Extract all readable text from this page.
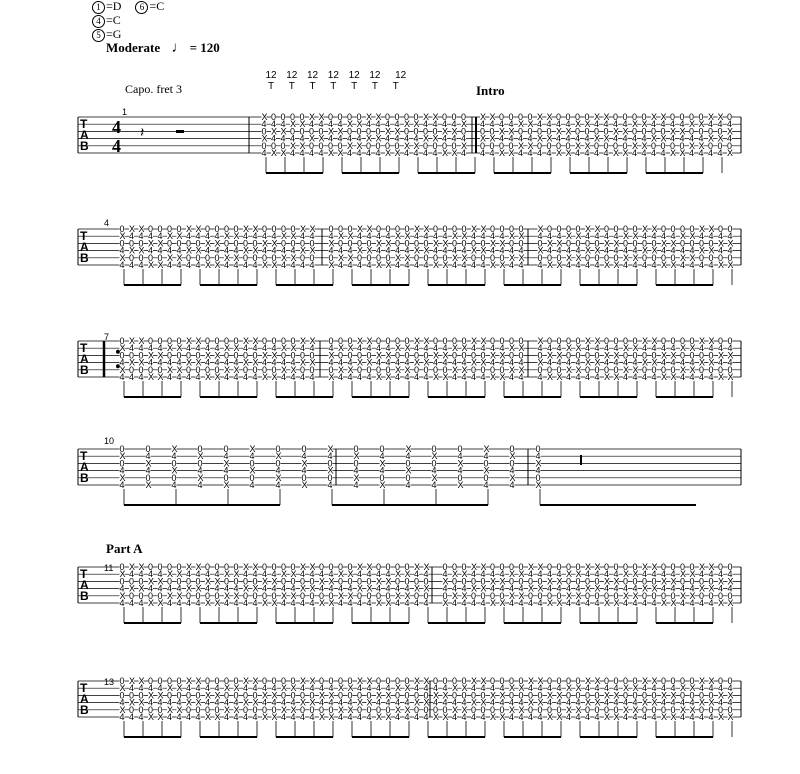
1 =D	6 =C
4 =C
5 =G
Moderate ♩ = 120
Capo. fret 3
12
T
12
T
12
T
12
T
12
T
12
T
12
T	Intro
Part A
1
4
7
10
11
13
T
A
B
X
4
0
X
0
4
0
4
X
4
0
X
0
4
X
4
0
X
0
X
0
4
X
4
0
X
0
4
X
4
X
4
0
X
0
4
X
4
0
X
0
4
0
4
X
4
0
X
0
4
X
4
0
X
0
X
0
4
X
4
0
X
0
4
X
4
X
4
0
X
0
4
X
4
0
X
0
4
0
4
X
4
0
X
0
4
X
4
0
X
0
X
0
4
X
4
0
X
0
4
X
4
X
4
0
X
0
4
X
4
0
X
0
4
0
4
X
4
0
X
0
4
X
4
0
X
0
X
0
4
X
4
X
4
0
X
0
4
X
4
0
X
0
4
0
4
X
4
0
X
0
4
X
4
0
X
0
X
0
4
X
4
0
X
0
4
X
4
X
4
0
X
0
4
X
4
0
X
0
4
0
4
X
4
0
X
0
4
X
4
0
X
0
X
0
4
X
4
0
X
0
4
X
4
X
4
0
X
0
4
X
4
0
X
0
4
0
4
X
4
0
X
0
4
X
4
0
X
0
X
0
4
X
4
0
X
0
4
X
4
X
4
0
X
0
4
X
4
0
X
0
4
0
4
X
4
0
X
0
4
X
4
0
X
0
X
0
4
X
4
0
X
0
4
X
4
X
4
0
X
0
4
X
4
0
X
0
4
0
4
X
4
0
X
T
A
B
0
X
0
4
X
4
X
4
0
X
0
4
X
4
0
X
0
4
0
4
X
4
0
X
0
4
X
4
0
X
0
X
0
4
X
4
0
X
0
4
X
4
X
4
0
X
0
4
X
4
0
X
0
4
0
4
X
4
0
X
0
4
X
4
0
X
0
X
0
4
X
4
0
X
0
4
X
4
X
4
0
X
0
4
X
4
0
X
0
4
0
4
X
4
0
X
0
4
X
4
0
X
0
X
0
4
X
4
0
X
0
4
X
4
X
4
0
X
0
4
X
4
0
X
0
4
0
4
X
4
0
X
0
X
0
4
X
4
0
X
0
4
X
4
X
4
0
X
0
4
X
4
0
X
0
4
0
4
X
4
0
X
0
4
X
4
0
X
0
X
0
4
X
4
0
X
0
4
X
4
X
4
0
X
0
4
X
4
0
X
0
4
0
4
X
4
0
X
0
4
X
4
0
X
0
X
0
4
X
4
0
X
0
4
X
4
X
4
0
X
0
4
X
4
0
X
0
4
0
4
X
4
0
X
0
4
X
4
0
X
0
X
0
4
X
4
0
X
0
4
X
4
X
4
0
X
0
4
0
4
X
4
0
X
0
4
X
4
0
X
0
X
0
4
X
4
0
X
0
4
X
4
X
4
0
X
0
4
X
4
0
X
0
4
0
4
X
4
0
X
0
4
X
4
0
X
0
X
0
4
X
4
0
X
0
4
X
4
X
4
0
X
0
4
X
4
0
X
0
4
0
4
X
4
0
X
0
4
X
4
0
X
0
X
0
4
X
4
0
X
0
4
X
4
X
4
0
X
0
4
X
4
0
X
0
4
0
4
X
4
0
X
0
4
X
4
0
X
T
A
B
0
X
0
4
X
4
X
4
0
X
0
4
X
4
0
X
0
4
0
4
X
4
0
X
0
4
X
4
0
X
0
X
0
4
X
4
0
X
0
4
X
4
X
4
0
X
0
4
X
4
0
X
0
4
0
4
X
4
0
X
0
4
X
4
0
X
0
X
0
4
X
4
0
X
0
4
X
4
X
4
0
X
0
4
X
4
0
X
0
4
0
4
X
4
0
X
0
4
X
4
0
X
0
X
0
4
X
4
0
X
0
4
X
4
X
4
0
X
0
4
X
4
0
X
0
4
0
4
X
4
0
X
0
X
0
4
X
4
0
X
0
4
X
4
X
4
0
X
0
4
X
4
0
X
0
4
0
4
X
4
0
X
0
4
X
4
0
X
0
X
0
4
X
4
0
X
0
4
X
4
X
4
0
X
0
4
X
4
0
X
0
4
0
4
X
4
0
X
0
4
X
4
0
X
0
X
0
4
X
4
0
X
0
4
X
4
X
4
0
X
0
4
X
4
0
X
0
4
0
4
X
4
0
X
0
4
X
4
0
X
0
X
0
4
X
4
0
X
0
4
X
4
X
4
0
X
0
4
0
4
X
4
0
X
0
4
X
4
0
X
0
X
0
4
X
4
0
X
0
4
X
4
X
4
0
X
0
4
X
4
0
X
0
4
0
4
X
4
0
X
0
4
X
4
0
X
0
X
0
4
X
4
0
X
0
4
X
4
X
4
0
X
0
4
X
4
0
X
0
4
0
4
X
4
0
X
0
4
X
4
0
X
0
X
0
4
X
4
0
X
0
4
X
4
X
4
0
X
0
4
X
4
0
X
0
4
0
4
X
4
0
X
0
4
X
4
0
X
T
A
B
0
X
0
4
X
4
0
4
X
4
0
X
X
4
0
X
0
4
0
X
0
4
X
4
0
4
X
4
0
X
X
4
0
X
0
4
0
X
0
4
X
4
0
4
X
4
0
X
X
4
0
X
0
4
0
X
0
4
X
4
0
4
X
4
0
X
X
4
0
X
0
4
0
X
0
4
X
4
0
4
X
4
0
X
X
4
0
X
0
4
0
X
0
4
X
4
0
4
X
4
0
X
T
A
B
0
X
0
4
X
4
X
4
0
X
0
4
X
4
0
X
0
4
0
4
X
4
0
X
0
4
X
4
0
X
0
X
0
4
X
4
0
X
0
4
X
4
X
4
0
X
0
4
X
4
0
X
0
4
0
4
X
4
0
X
0
4
X
4
0
X
0
X
0
4
X
4
0
X
0
4
X
4
X
4
0
X
0
4
X
4
0
X
0
4
0
4
X
4
0
X
0
4
X
4
0
X
0
X
0
4
X
4
0
X
0
4
X
4
X
4
0
X
0
4
X
4
0
X
0
4
0
4
X
4
0
X
0
4
X
4
0
X
0
X
0
4
X
4
0
X
0
4
X
4
X
4
0
X
0
4
X
4
0
X
0
4
0
4
X
4
0
X
0
4
X
4
0
X
0
X
0
4
X
4
0
X
0
4
X
4
X
4
0
X
0
4
X
4
0
X
0
4
0
4
X
4
0
X
0
X
0
4
X
4
0
X
0
4
X
4
X
4
0
X
0
4
X
4
0
X
0
4
0
4
X
4
0
X
0
4
X
4
0
X
0
X
0
4
X
4
0
X
0
4
X
4
X
4
0
X
0
4
X
4
0
X
0
4
0
4
X
4
0
X
0
4
X
4
0
X
0
X
0
4
X
4
0
X
0
4
X
4
X
4
0
X
0
4
X
4
0
X
0
4
0
4
X
4
0
X
0
4
X
4
0
X
0
X
0
4
X
4
0
X
0
4
X
4
X
4
0
X
0
4
X
4
0
X
0
4
0
4
X
4
0
X
0
4
X
4
0
X
0
X
0
4
X
4
0
X
0
4
X
4
X
4
0
X
0
4
X
4
0
X
0
4
0
4
X
4
0
X
0
4
X
4
0
X
T
A
B
0
X
0
4
X
4
X
4
0
X
0
4
X
4
0
X
0
4
0
4
X
4
0
X
0
4
X
4
0
X
0
X
0
4
X
4
0
X
0
4
X
4
X
4
0
X
0
4
X
4
0
X
0
4
0
4
X
4
0
X
0
4
X
4
0
X
0
X
0
4
X
4
0
X
0
4
X
4
X
4
0
X
0
4
X
4
0
X
0
4
0
4
X
4
0
X
0
4
X
4
0
X
0
X
0
4
X
4
0
X
0
4
X
4
X
4
0
X
0
4
X
4
0
X
0
4
0
4
X
4
0
X
0
4
X
4
0
X
0
X
0
4
X
4
0
X
0
4
X
4
X
4
0
X
0
4
X
4
0
X
0
4
0
4
X
4
0
X
0
4
X
4
0
X
0
X
0
4
X
4
0
X
0
4
X
4
X
4
0
X
0
4
X
4
0
X
0
4
0
4
X
4
0
X
0
4
X
4
0
X
0
X
0
4
X
4
0
X
0
4
X
4
X
4
0
X
0
4
X
4
0
X
0
4
0
4
X
4
0
X
0
4
X
4
0
X
0
X
0
4
X
4
0
X
0
4
X
4
X
4
0
X
0
4
X
4
0
X
0
4
0
4
X
4
0
X
0
4
X
4
0
X
0
X
0
4
X
4
0
X
0
4
X
4
X
4
0
X
0
4
X
4
0
X
0
4
0
4
X
4
0
X
0
4
X
4
0
X
0
X
0
4
X
4
0
X
0
4
X
4
X
4
0
X
0
4
X
4
0
X
0
4
0
4
X
4
0
X
0
4
X
4
0
X
0
X
0
4
X
4
0
X
0
4
X
4
X
4
0
X
0
4
X
4
0
X
0
4
0
4
X
4
0
X
0
4
X
4
0
X
4
4
𝄽
